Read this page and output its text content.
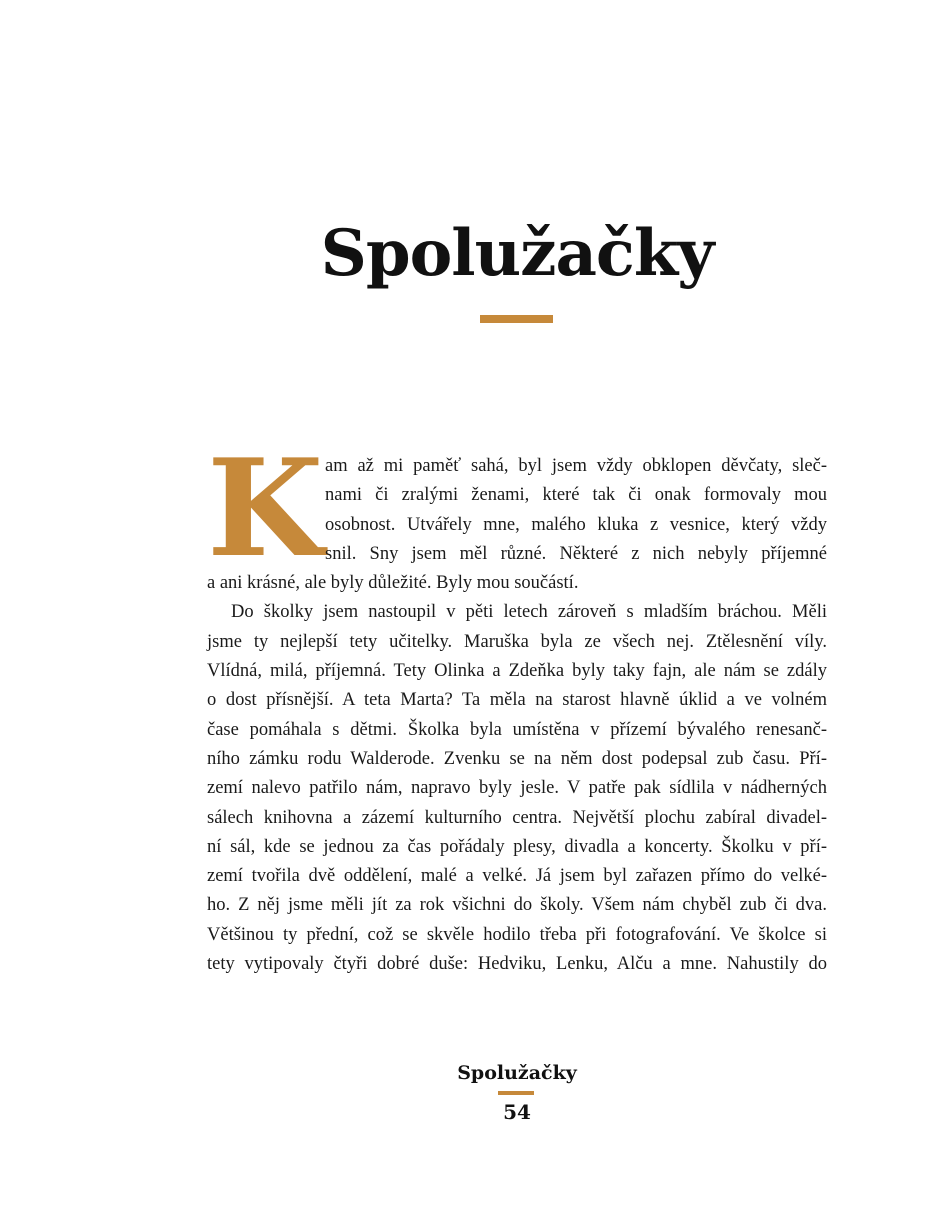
Spolužačky
K am až mi paměť sahá, byl jsem vždy obklopen děvčaty, sleč-
nami či zralými ženami, které tak či onak formovaly mou
osobnost. Utvářely mne, malého kluka z vesnice, který vždy
snil. Sny jsem měl různé. Některé z nich nebyly příjemné
a ani krásné, ale byly důležité. Byly mou součástí.
Do školky jsem nastoupil v pěti letech zároveň s mladším bráchou. Měli
jsme ty nejlepší tety učitelky. Maruška byla ze všech nej. Ztělesnění víly.
Vlídná, milá, příjemná. Tety Olinka a Zdeňka byly taky fajn, ale nám se zdály
o dost přísnější. A teta Marta? Ta měla na starost hlavně úklid a ve volném
čase pomáhala s dětmi. Školka byla umístěna v přízemí bývalého renesanč-
ního zámku rodu Walderode. Zvenku se na něm dost podepsal zub času. Pří-
zemí nalevo patřilo nám, napravo byly jesle. V patře pak sídlila v nádherných
sálech knihovna a zázemí kulturního centra. Největší plochu zabíral divadel-
ní sál, kde se jednou za čas pořádaly plesy, divadla a koncerty. Školku v pří-
zemí tvořila dvě oddělení, malé a velké. Já jsem byl zařazen přímo do velké-
ho. Z něj jsme měli jít za rok všichni do školy. Všem nám chyběl zub či dva.
Většinou ty přední, což se skvěle hodilo třeba při fotografování. Ve školce si
tety vytipovaly čtyři dobré duše: Hedviku, Lenku, Alču a mne. Nahustily do
Spolužačky
54
